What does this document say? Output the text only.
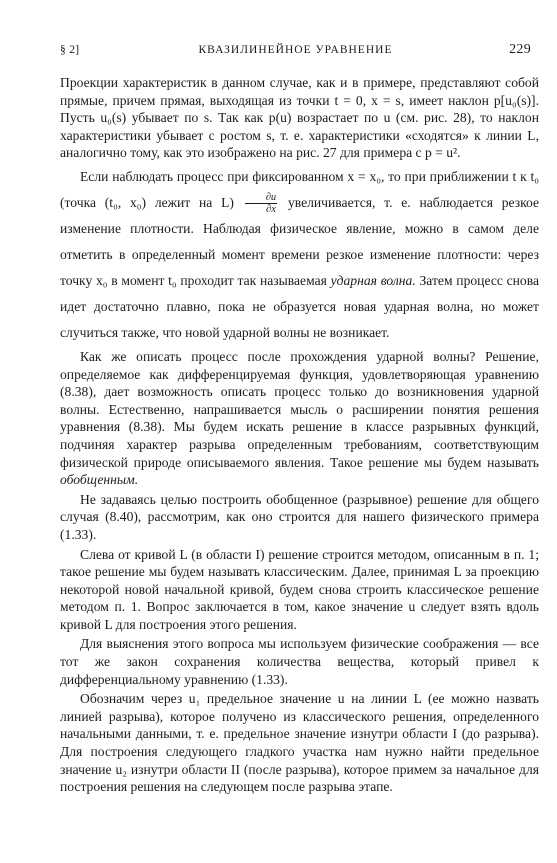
§ 2]	КВАЗИЛИНЕЙНОЕ УРАВНЕНИЕ	229

Проекции характеристик в данном случае, как и в примере, представляют собой прямые, причем прямая, выходящая из точки t = 0, x = s, имеет наклон p[u₀(s)]. Пусть u₀(s) убывает по s. Так как p(u) возрастает по u (см. рис. 28), то наклон характеристики убывает с ростом s, т. е. характеристики «сходятся» к линии L, аналогично тому, как это изображено на рис. 27 для примера с p = u².

Если наблюдать процесс при фиксированном x = x₀, то при приближении t к t₀ (точка (t₀, x₀) лежит на $L) \frac{\partial u}{\partial x}$ увеличивается, т. е. наблюдается резкое изменение плотности. Наблюдая физическое явление, можно в самом деле отметить в определенный момент времени резкое изменение плотности: через точку x₀ в момент t₀ проходит так называемая ударная волна. Затем процесс снова идет достаточно плавно, пока не образуется новая ударная волна, но может случиться также, что новой ударной волны не возникает.

Как же описать процесс после прохождения ударной волны? Решение, определяемое как дифференцируемая функция, удовлетворяющая уравнению (8.38), дает возможность описать процесс только до возникновения ударной волны. Естественно, напрашивается мысль о расширении понятия решения уравнения (8.38). Мы будем искать решение в классе разрывных функций, подчиняя характер разрыва определенным требованиям, соответствующим физической природе описываемого явления. Такое решение мы будем называть обобщенным.

Не задаваясь целью построить обобщенное (разрывное) решение для общего случая (8.40), рассмотрим, как оно строится для нашего физического примера (1.33).

Слева от кривой L (в области I) решение строится методом, описанным в п. 1; такое решение мы будем называть классическим. Далее, принимая L за проекцию некоторой новой начальной кривой, будем снова строить классическое решение методом п. 1. Вопрос заключается в том, какое значение u следует взять вдоль кривой L для построения этого решения.

Для выяснения этого вопроса мы используем физические соображения — все тот же закон сохранения количества вещества, который привел к дифференциальному уравнению (1.33).

Обозначим через u₁ предельное значение u на линии L (ее можно назвать линией разрыва), которое получено из классического решения, определенного начальными данными, т. е. предельное значение изнутри области I (до разрыва). Для построения следующего гладкого участка нам нужно найти предельное значение u₂ изнутри области II (после разрыва), которое примем за начальное для построения решения на следующем после разрыва этапе.
